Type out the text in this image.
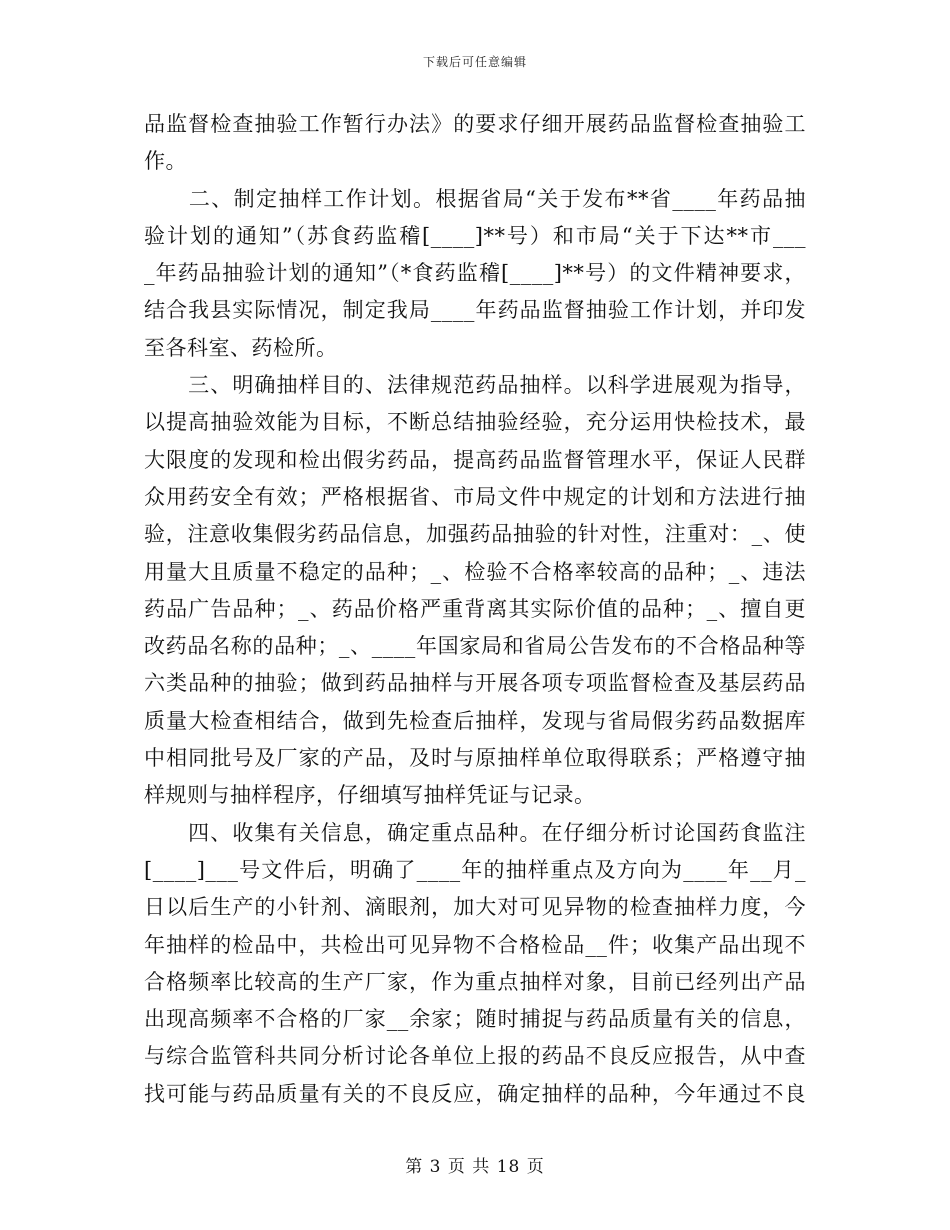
下载后可任意编辑
品监督检查抽验工作暂行办法》的要求仔细开展药品监督检查抽验工
作。
　　二、制定抽样工作计划。根据省局“关于发布**省____年药品抽
验计划的通知”（苏食药监稽[____]**号）和市局“关于下达**市___
_年药品抽验计划的通知”（*食药监稽[____]**号）的文件精神要求，
结合我县实际情况，制定我局____年药品监督抽验工作计划，并印发
至各科室、药检所。
　　三、明确抽样目的、法律规范药品抽样。以科学进展观为指导，
以提高抽验效能为目标，不断总结抽验经验，充分运用快检技术，最
大限度的发现和检出假劣药品，提高药品监督管理水平，保证人民群
众用药安全有效；严格根据省、市局文件中规定的计划和方法进行抽
验，注意收集假劣药品信息，加强药品抽验的针对性，注重对：_、使
用量大且质量不稳定的品种；_、检验不合格率较高的品种；_、违法
药品广告品种；_、药品价格严重背离其实际价值的品种；_、擅自更
改药品名称的品种；_、____年国家局和省局公告发布的不合格品种等
六类品种的抽验；做到药品抽样与开展各项专项监督检查及基层药品
质量大检查相结合，做到先检查后抽样，发现与省局假劣药品数据库
中相同批号及厂家的产品，及时与原抽样单位取得联系；严格遵守抽
样规则与抽样程序，仔细填写抽样凭证与记录。
　　四、收集有关信息，确定重点品种。在仔细分析讨论国药食监注
[____]___号文件后，明确了____年的抽样重点及方向为____年__月_
日以后生产的小针剂、滴眼剂，加大对可见异物的检查抽样力度，今
年抽样的检品中，共检出可见异物不合格检品__件；收集产品出现不
合格频率比较高的生产厂家，作为重点抽样对象，目前已经列出产品
出现高频率不合格的厂家__余家；随时捕捉与药品质量有关的信息，
与综合监管科共同分析讨论各单位上报的药品不良反应报告，从中查
找可能与药品质量有关的不良反应，确定抽样的品种，今年通过不良
第 3 页 共 18 页
